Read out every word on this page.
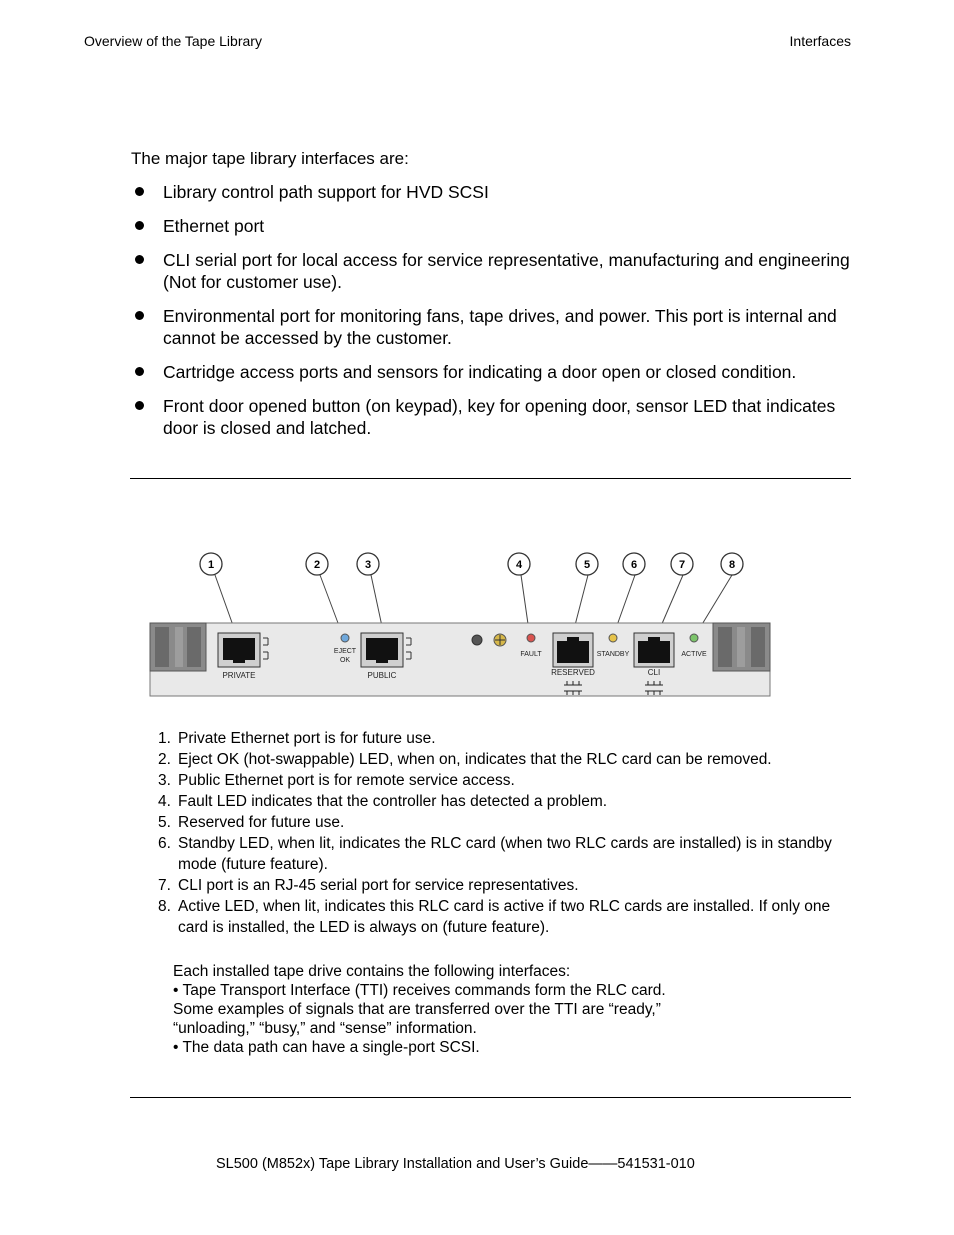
Overview of the Tape Library	Interfaces
The major tape library interfaces are:
Library control path support for HVD SCSI
Ethernet port
CLI serial port for local access for service representative, manufacturing and engineering (Not for customer use).
Environmental port for monitoring fans, tape drives, and power. This port is internal and cannot be accessed by the customer.
Cartridge access ports and sensors for indicating a door open or closed condition.
Front door opened button (on keypad), key for opening door, sensor LED that indicates door is closed and latched.
1	2	3	4	5	6	7	8
PRIVATE
EJECT
OK
PUBLIC
FAULT
RESERVED
STANDBY
CLI
ACTIVE
1. Private Ethernet port is for future use.
2. Eject OK (hot-swappable) LED, when on, indicates that the RLC card can be removed.
3. Public Ethernet port is for remote service access.
4. Fault LED indicates that the controller has detected a problem.
5. Reserved for future use.
6. Standby LED, when lit, indicates the RLC card (when two RLC cards are installed) is in standby mode (future feature).
7. CLI port is an RJ-45 serial port for service representatives.
8. Active LED, when lit, indicates this RLC card is active if two RLC cards are installed. If only one card is installed, the LED is always on (future feature).
Each installed tape drive contains the following interfaces:
• Tape Transport Interface (TTI) receives commands form the RLC card.
Some examples of signals that are transferred over the TTI are “ready,”
“unloading,” “busy,” and “sense” information.
• The data path can have a single-port SCSI.
SL500 (M852x) Tape Library Installation and User’s Guide——541531-010
